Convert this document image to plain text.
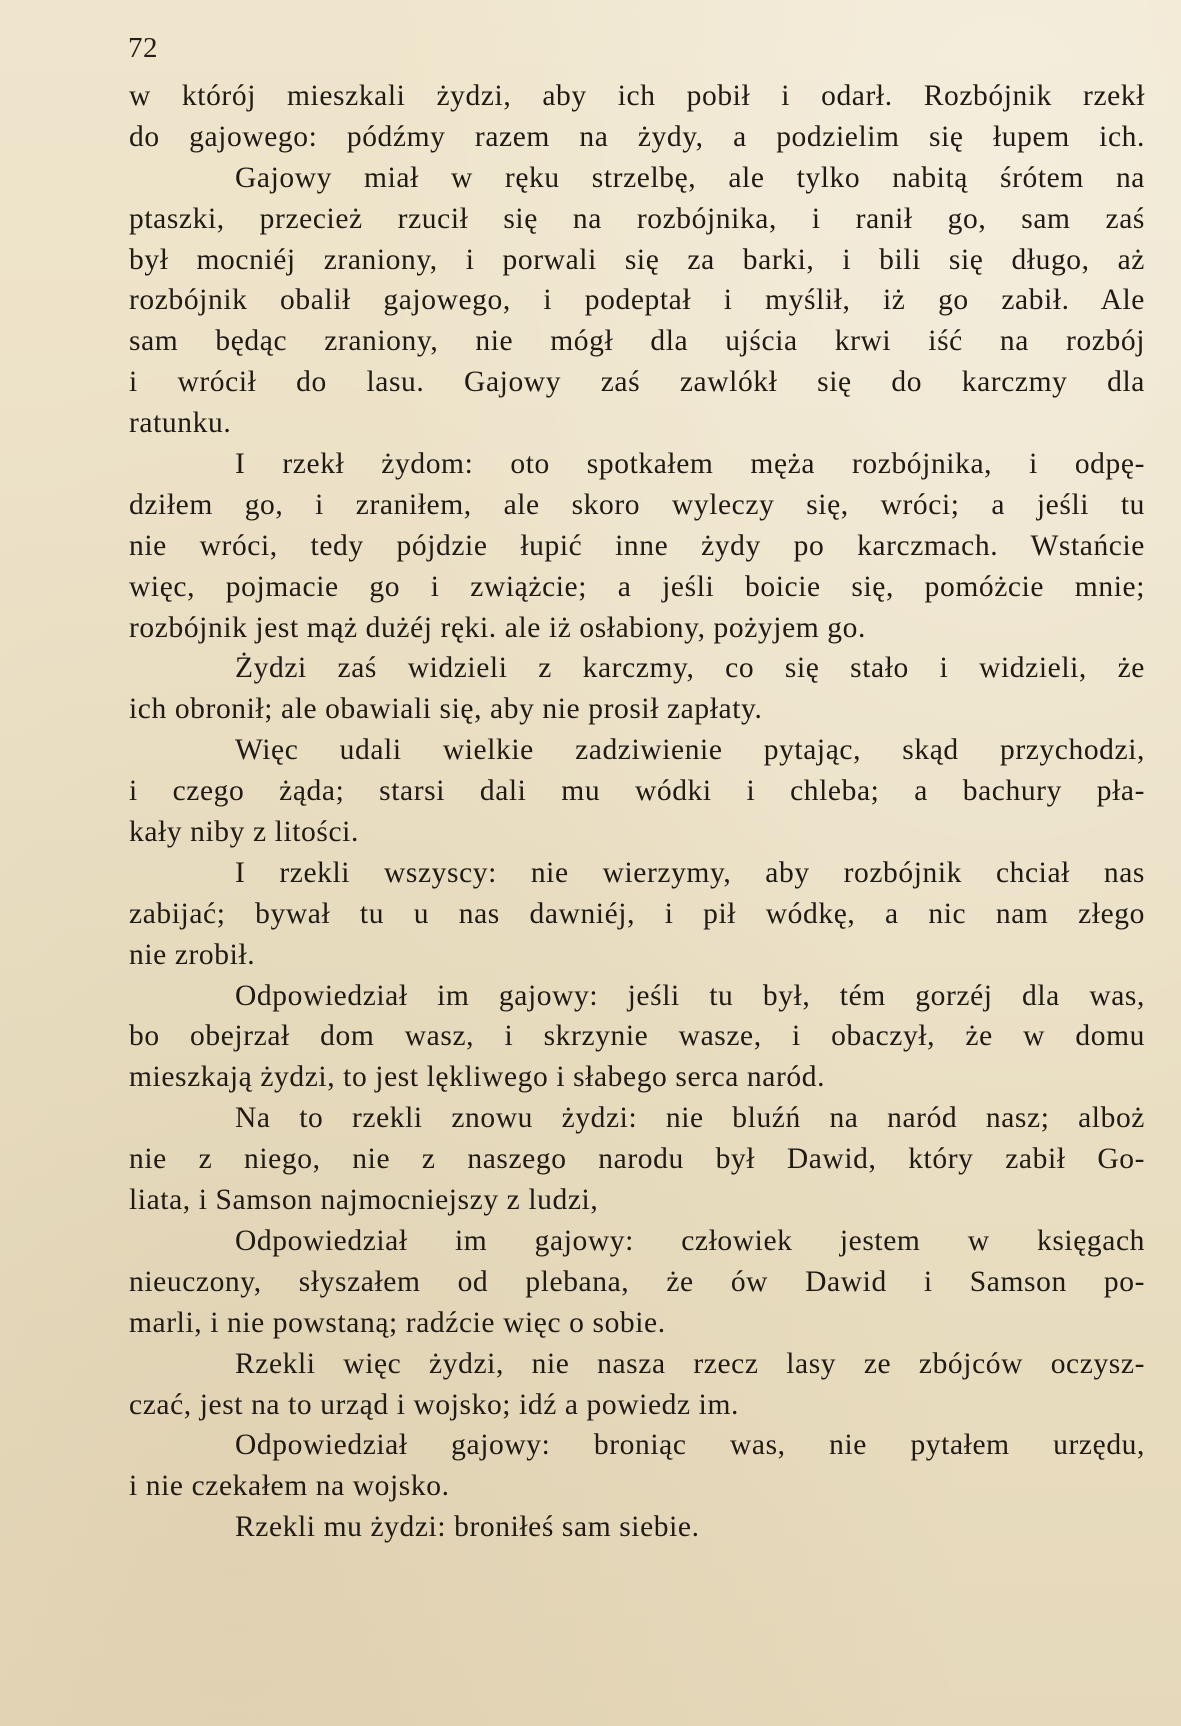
72
w którój mieszkali żydzi, aby ich pobił i odarł. Rozbójnik rzekł
do gajowego: pódźmy razem na żydy, a podzielim się łupem ich.
Gajowy miał w ręku strzelbę, ale tylko nabitą śrótem na
ptaszki, przecież rzucił się na rozbójnika, i ranił go, sam zaś
był mocniéj zraniony, i porwali się za barki, i bili się długo, aż
rozbójnik obalił gajowego, i podeptał i myślił, iż go zabił. Ale
sam będąc zraniony, nie mógł dla ujścia krwi iść na rozbój
i wrócił do lasu. Gajowy zaś zawlókł się do karczmy dla
ratunku.
I rzekł żydom: oto spotkałem męża rozbójnika, i odpę-
dziłem go, i zraniłem, ale skoro wyleczy się, wróci; a jeśli tu
nie wróci, tedy pójdzie łupić inne żydy po karczmach. Wstańcie
więc, pojmacie go i zwiążcie; a jeśli boicie się, pomóżcie mnie;
rozbójnik jest mąż dużéj ręki. ale iż osłabiony, pożyjem go.
Żydzi zaś widzieli z karczmy, co się stało i widzieli, że
ich obronił; ale obawiali się, aby nie prosił zapłaty.
Więc udali wielkie zadziwienie pytając, skąd przychodzi,
i czego żąda; starsi dali mu wódki i chleba; a bachury pła-
kały niby z litości.
I rzekli wszyscy: nie wierzymy, aby rozbójnik chciał nas
zabijać; bywał tu u nas dawniéj, i pił wódkę, a nic nam złego
nie zrobił.
Odpowiedział im gajowy: jeśli tu był, tém gorzéj dla was,
bo obejrzał dom wasz, i skrzynie wasze, i obaczył, że w domu
mieszkają żydzi, to jest lękliwego i słabego serca naród.
Na to rzekli znowu żydzi: nie bluźń na naród nasz; alboż
nie z niego, nie z naszego narodu był Dawid, który zabił Go-
liata, i Samson najmocniejszy z ludzi,
Odpowiedział im gajowy: człowiek jestem w księgach
nieuczony, słyszałem od plebana, że ów Dawid i Samson po-
marli, i nie powstaną; radźcie więc o sobie.
Rzekli więc żydzi, nie nasza rzecz lasy ze zbójców oczysz-
czać, jest na to urząd i wojsko; idź a powiedz im.
Odpowiedział gajowy: broniąc was, nie pytałem urzędu,
i nie czekałem na wojsko.
Rzekli mu żydzi: broniłeś sam siebie.
